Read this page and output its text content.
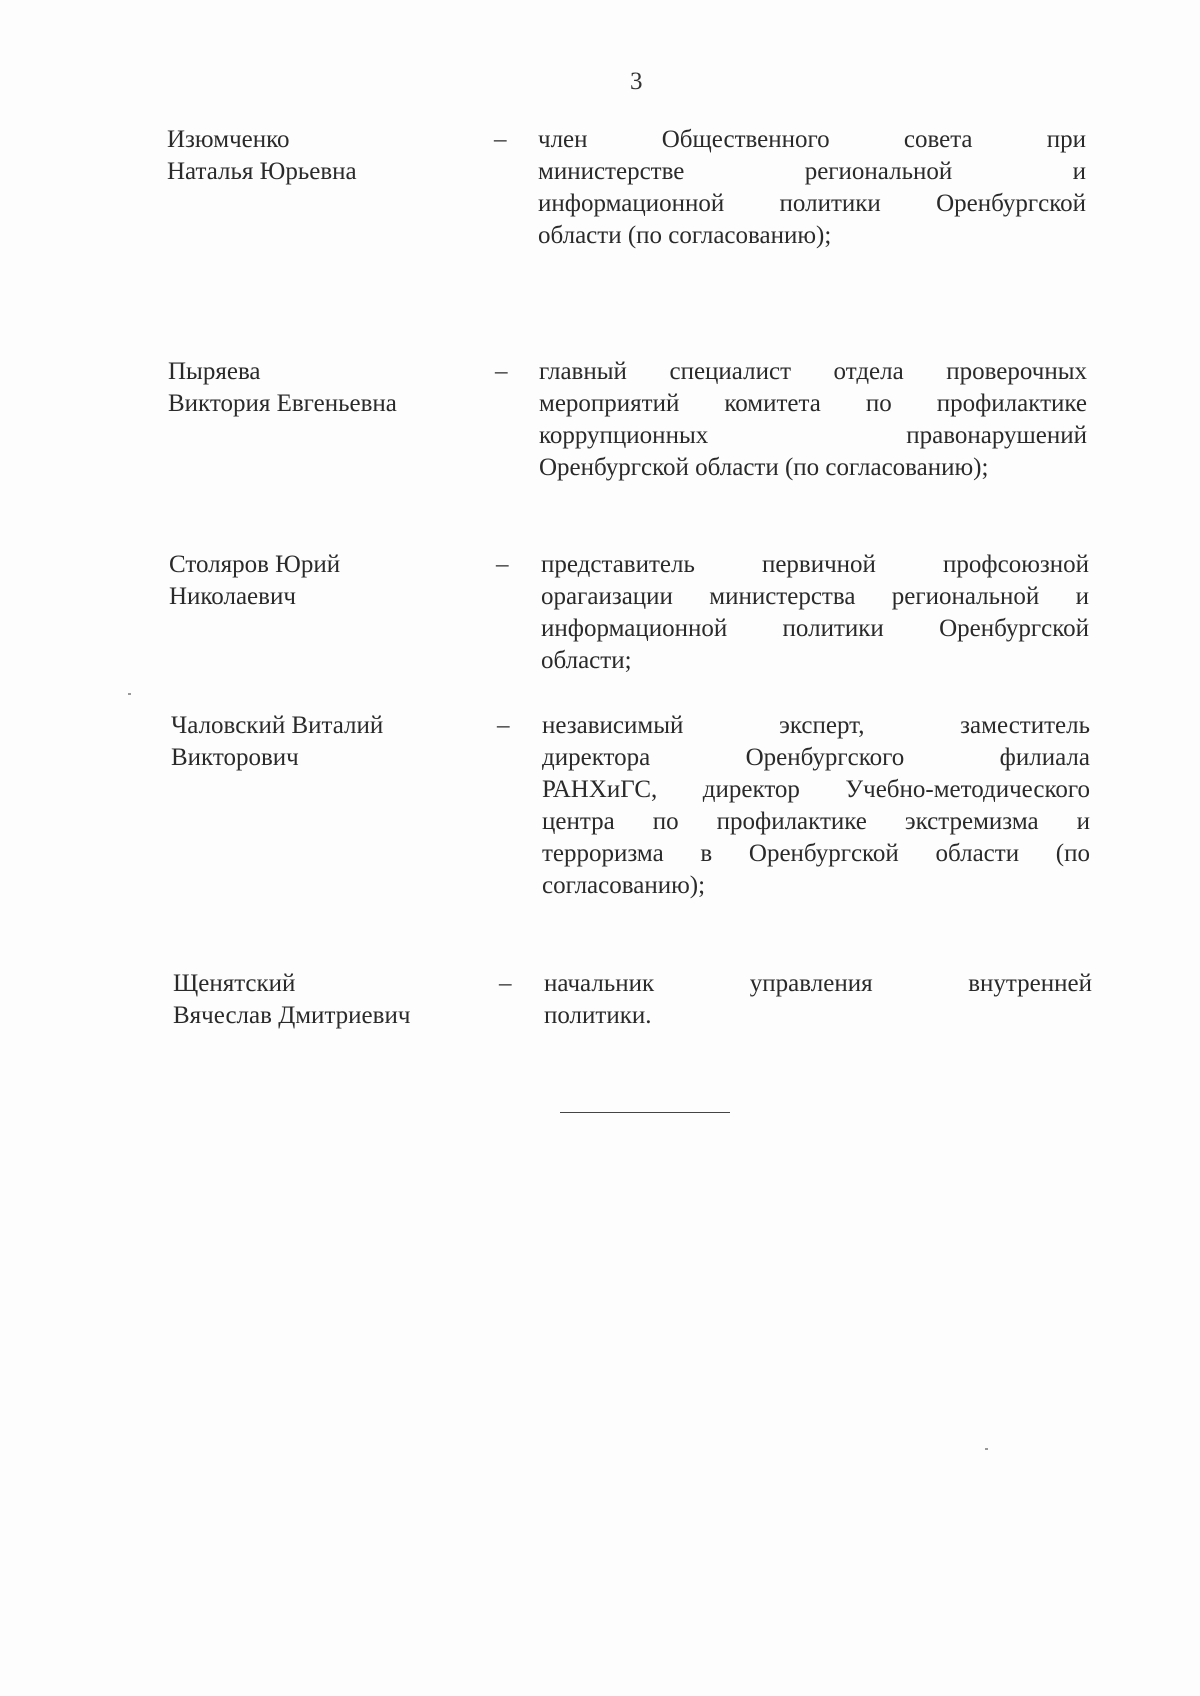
3
Изюмченко
Наталья Юрьевна
– член Общественного совета при
министерстве региональной и
информационной политики Оренбургской
области (по согласованию);
Пыряева
Виктория Евгеньевна
– главный специалист отдела проверочных
мероприятий комитета по профилактике
коррупционных правонарушений
Оренбургской области (по согласованию);
Столяров Юрий
Николаевич
– представитель первичной профсоюзной
орагаизации министерства региональной и
информационной политики Оренбургской
области;
Чаловский Виталий
Викторович
– независимый эксперт, заместитель
директора Оренбургского филиала
РАНХиГС, директор Учебно-методического
центра по профилактике экстремизма и
терроризма в Оренбургской области (по
согласованию);
Щенятский
Вячеслав Дмитриевич
– начальник управления внутренней
политики.
